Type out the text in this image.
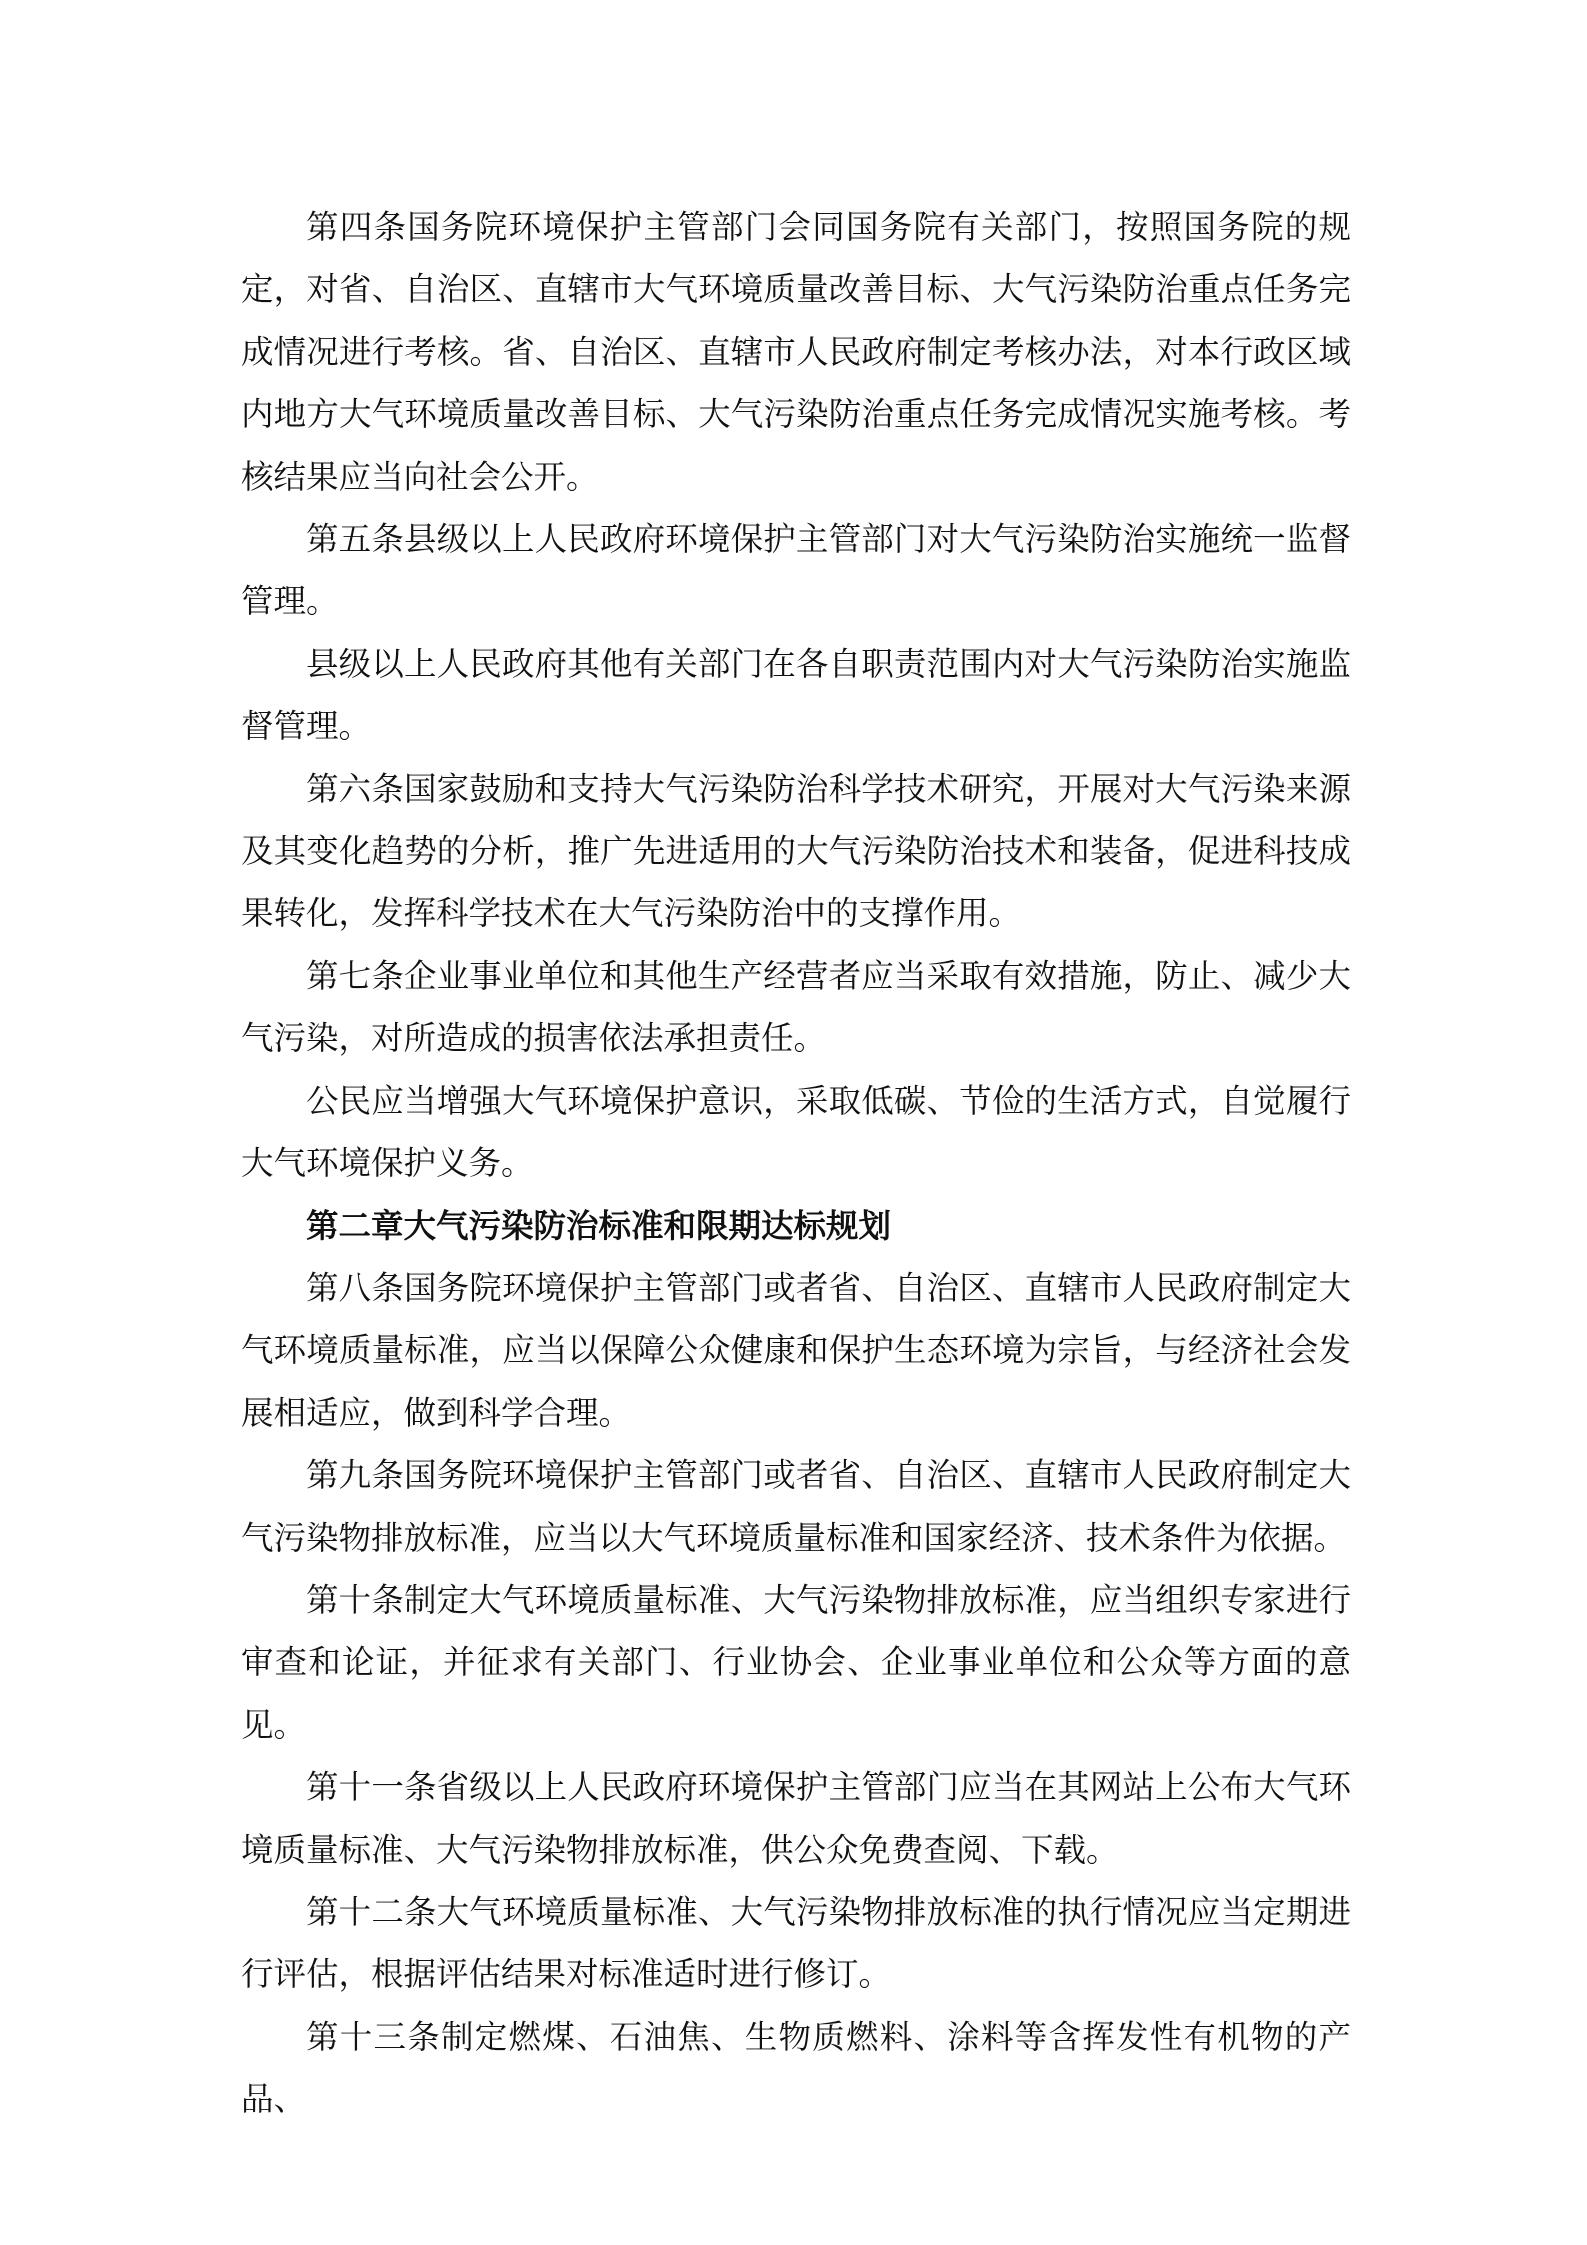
第四条国务院环境保护主管部门会同国务院有关部门，按照国务院的规定，对省、自治区、直辖市大气环境质量改善目标、大气污染防治重点任务完成情况进行考核。省、自治区、直辖市人民政府制定考核办法，对本行政区域内地方大气环境质量改善目标、大气污染防治重点任务完成情况实施考核。考核结果应当向社会公开。

第五条县级以上人民政府环境保护主管部门对大气污染防治实施统一监督管理。

县级以上人民政府其他有关部门在各自职责范围内对大气污染防治实施监督管理。

第六条国家鼓励和支持大气污染防治科学技术研究，开展对大气污染来源及其变化趋势的分析，推广先进适用的大气污染防治技术和装备，促进科技成果转化，发挥科学技术在大气污染防治中的支撑作用。

第七条企业事业单位和其他生产经营者应当采取有效措施，防止、减少大气污染，对所造成的损害依法承担责任。

公民应当增强大气环境保护意识，采取低碳、节俭的生活方式，自觉履行大气环境保护义务。

第二章大气污染防治标准和限期达标规划

第八条国务院环境保护主管部门或者省、自治区、直辖市人民政府制定大气环境质量标准，应当以保障公众健康和保护生态环境为宗旨，与经济社会发展相适应，做到科学合理。

第九条国务院环境保护主管部门或者省、自治区、直辖市人民政府制定大气污染物排放标准，应当以大气环境质量标准和国家经济、技术条件为依据。

第十条制定大气环境质量标准、大气污染物排放标准，应当组织专家进行审查和论证，并征求有关部门、行业协会、企业事业单位和公众等方面的意见。

第十一条省级以上人民政府环境保护主管部门应当在其网站上公布大气环境质量标准、大气污染物排放标准，供公众免费查阅、下载。

第十二条大气环境质量标准、大气污染物排放标准的执行情况应当定期进行评估，根据评估结果对标准适时进行修订。

第十三条制定燃煤、石油焦、生物质燃料、涂料等含挥发性有机物的产品、
